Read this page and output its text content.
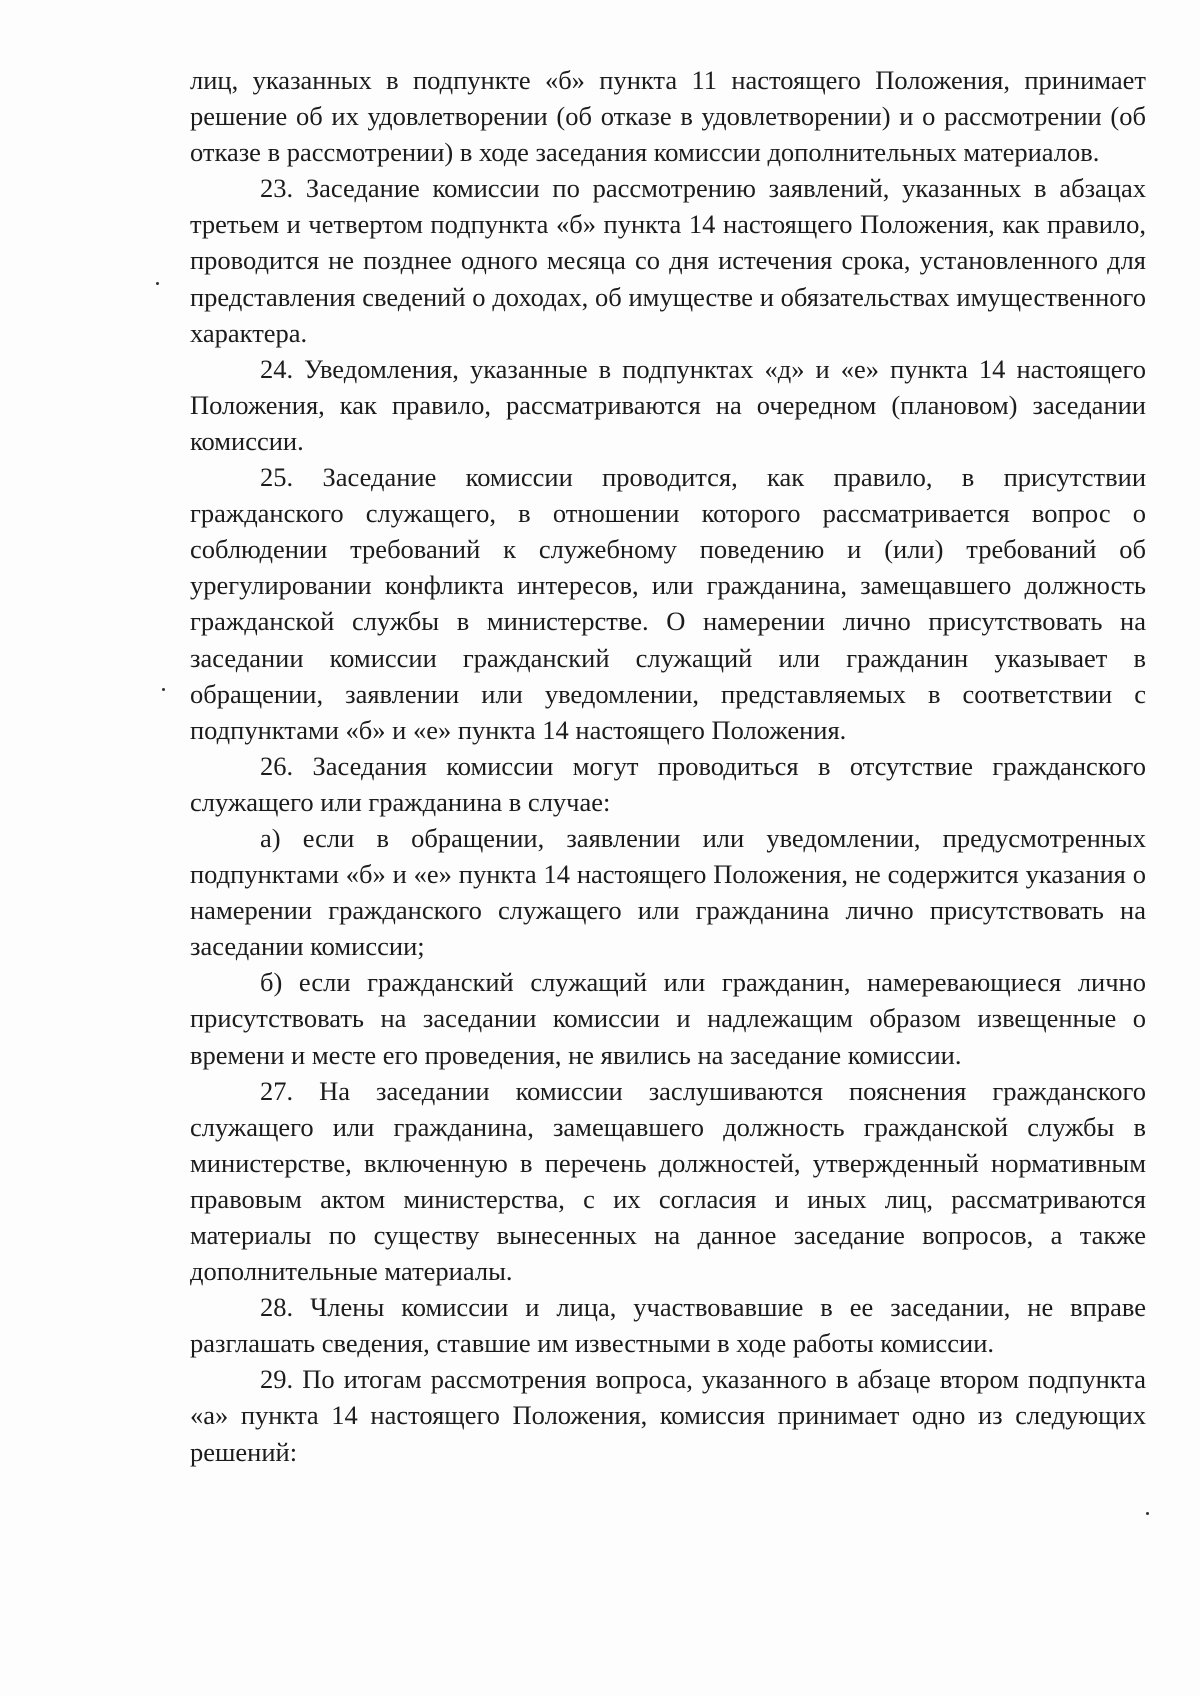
лиц, указанных в подпункте «б» пункта 11 настоящего Положения, принимает решение об их удовлетворении (об отказе в удовлетворении) и о рассмотрении (об отказе в рассмотрении) в ходе заседания комиссии дополнительных материалов.

23. Заседание комиссии по рассмотрению заявлений, указанных в абзацах третьем и четвертом подпункта «б» пункта 14 настоящего Положения, как правило, проводится не позднее одного месяца со дня истечения срока, установленного для представления сведений о доходах, об имуществе и обязательствах имущественного характера.

24. Уведомления, указанные в подпунктах «д» и «е» пункта 14 настоящего Положения, как правило, рассматриваются на очередном (плановом) заседании комиссии.

25. Заседание комиссии проводится, как правило, в присутствии гражданского служащего, в отношении которого рассматривается вопрос о соблюдении требований к служебному поведению и (или) требований об урегулировании конфликта интересов, или гражданина, замещавшего должность гражданской службы в министерстве. О намерении лично присутствовать на заседании комиссии гражданский служащий или гражданин указывает в обращении, заявлении или уведомлении, представляемых в соответствии с подпунктами «б» и «е» пункта 14 настоящего Положения.

26. Заседания комиссии могут проводиться в отсутствие гражданского служащего или гражданина в случае:

а) если в обращении, заявлении или уведомлении, предусмотренных подпунктами «б» и «е» пункта 14 настоящего Положения, не содержится указания о намерении гражданского служащего или гражданина лично присутствовать на заседании комиссии;

б) если гражданский служащий или гражданин, намеревающиеся лично присутствовать на заседании комиссии и надлежащим образом извещенные о времени и месте его проведения, не явились на заседание комиссии.

27. На заседании комиссии заслушиваются пояснения гражданского служащего или гражданина, замещавшего должность гражданской службы в министерстве, включенную в перечень должностей, утвержденный нормативным правовым актом министерства, с их согласия и иных лиц, рассматриваются материалы по существу вынесенных на данное заседание вопросов, а также дополнительные материалы.

28. Члены комиссии и лица, участвовавшие в ее заседании, не вправе разглашать сведения, ставшие им известными в ходе работы комиссии.

29. По итогам рассмотрения вопроса, указанного в абзаце втором подпункта «а» пункта 14 настоящего Положения, комиссия принимает одно из следующих решений:
